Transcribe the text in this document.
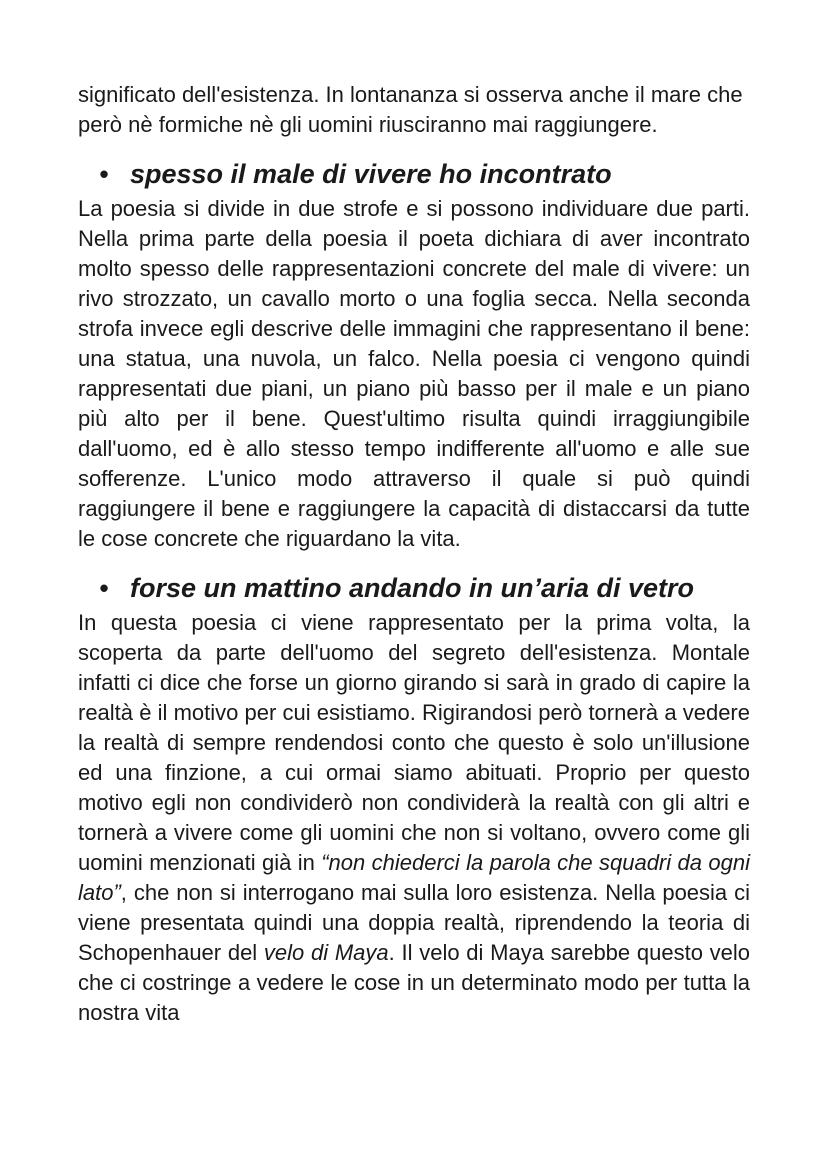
significato dell'esistenza. In lontananza si osserva anche il mare che però nè formiche nè gli uomini riusciranno mai raggiungere.

• spesso il male di vivere ho incontrato

La poesia si divide in due strofe e si possono individuare due parti. Nella prima parte della poesia il poeta dichiara di aver incontrato molto spesso delle rappresentazioni concrete del male di vivere: un rivo strozzato, un cavallo morto o una foglia secca. Nella seconda strofa invece egli descrive delle immagini che rappresentano il bene: una statua, una nuvola, un falco. Nella poesia ci vengono quindi rappresentati due piani, un piano più basso per il male e un piano più alto per il bene. Quest'ultimo risulta quindi irraggiungibile dall'uomo, ed è allo stesso tempo indifferente all'uomo e alle sue sofferenze. L'unico modo attraverso il quale si può quindi raggiungere il bene e raggiungere la capacità di distaccarsi da tutte le cose concrete che riguardano la vita.

• forse un mattino andando in un’aria di vetro

In questa poesia ci viene rappresentato per la prima volta, la scoperta da parte dell'uomo del segreto dell'esistenza. Montale infatti ci dice che forse un giorno girando si sarà in grado di capire la realtà è il motivo per cui esistiamo. Rigirandosi però tornerà a vedere la realtà di sempre rendendosi conto che questo è solo un'illusione ed una finzione, a cui ormai siamo abituati. Proprio per questo motivo egli non condividerò non condividerà la realtà con gli altri e tornerà a vivere come gli uomini che non si voltano, ovvero come gli uomini menzionati già in “non chiederci la parola che squadri da ogni lato”, che non si interrogano mai sulla loro esistenza. Nella poesia ci viene presentata quindi una doppia realtà, riprendendo la teoria di Schopenhauer del velo di Maya. Il velo di Maya sarebbe questo velo che ci costringe a vedere le cose in un determinato modo per tutta la nostra vita
